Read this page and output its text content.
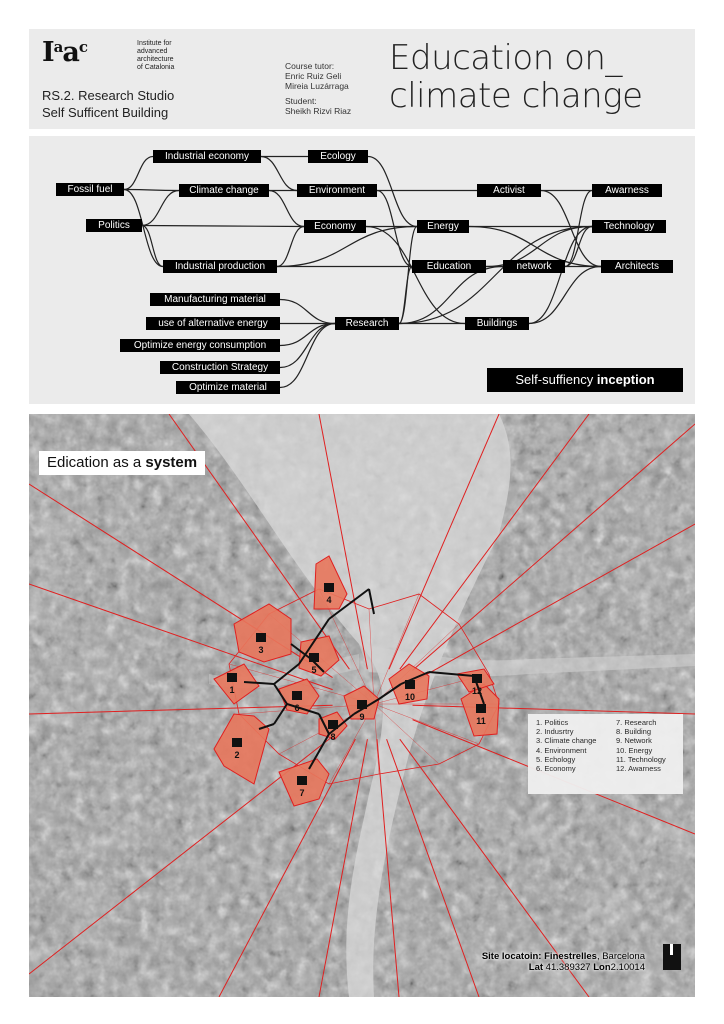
$I^aa^c$	Institute for
advanced
architecture
of Catalonia
RS.2. Research Studio
Self Sufficent Building
Course tutor:
Enric Ruiz Geli
Mireia Luzárraga
Student:
Sheikh Rizvi Riaz
Education on_
climate change
Fossil fuel
Politics
Industrial economy
Climate change
Industrial production
Ecology
Environment
Economy	Energy
Education
Activist
network
Awarness
Technology
Architects
Research	Buildings
Manufacturing material
use of alternative energy
Optimize energy consumption
Construction Strategy
Optimize material
Self-suffiency inception
1
2
3
4
5
6
7
8
9
10
11
12
Edication as a system
1. Politics
2. Indusrtry
3. Climate change
4. Environment
5. Echology
6. Economy
7. Research
8. Building
9. Network
10. Energy
11. Technology
12. Awarness
Site locatoin: Finestrelles, Barcelona
Lat 41.389327 Lon2.10014
